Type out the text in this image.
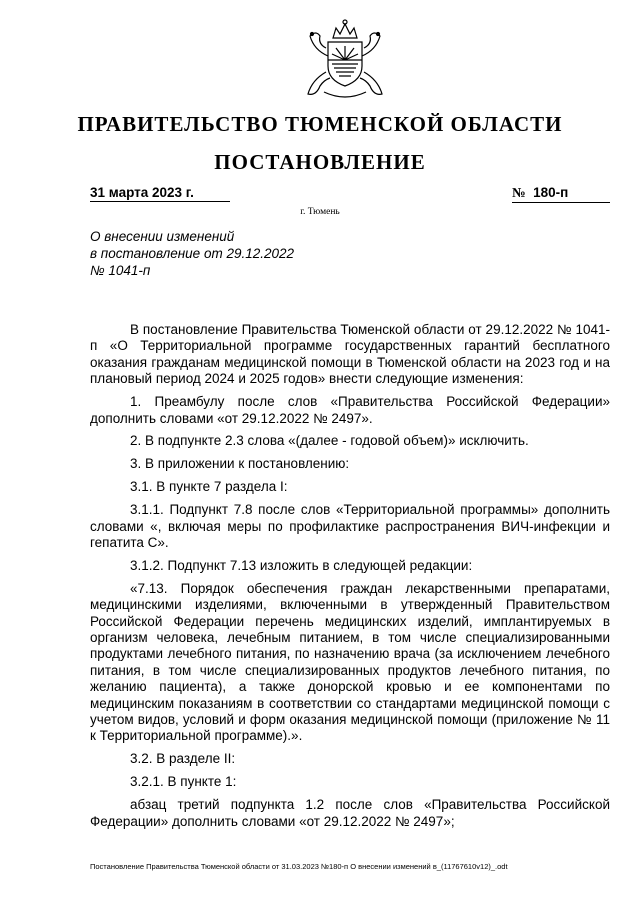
ПРАВИТЕЛЬСТВО ТЮМЕНСКОЙ ОБЛАСТИ
ПОСТАНОВЛЕНИЕ
31 марта 2023 г.	№ 180-п
г. Тюмень
О внесении изменений
в постановление от 29.12.2022
№ 1041-п

В постановление Правительства Тюменской области от 29.12.2022 № 1041-п «О Территориальной программе государственных гарантий бесплатного оказания гражданам медицинской помощи в Тюменской области на 2023 год и на плановый период 2024 и 2025 годов» внести следующие изменения:

1. Преамбулу после слов «Правительства Российской Федерации» дополнить словами «от 29.12.2022 № 2497».

2. В подпункте 2.3 слова «(далее - годовой объем)» исключить.

3. В приложении к постановлению:

3.1. В пункте 7 раздела I:

3.1.1. Подпункт 7.8 после слов «Территориальной программы» дополнить словами «, включая меры по профилактике распространения ВИЧ-инфекции и гепатита С».

3.1.2. Подпункт 7.13 изложить в следующей редакции:

«7.13. Порядок обеспечения граждан лекарственными препаратами, медицинскими изделиями, включенными в утвержденный Правительством Российской Федерации перечень медицинских изделий, имплантируемых в организм человека, лечебным питанием, в том числе специализированными продуктами лечебного питания, по назначению врача (за исключением лечебного питания, в том числе специализированных продуктов лечебного питания, по желанию пациента), а также донорской кровью и ее компонентами по медицинским показаниям в соответствии со стандартами медицинской помощи с учетом видов, условий и форм оказания медицинской помощи (приложение № 11 к Территориальной программе).».

3.2. В разделе II:

3.2.1. В пункте 1:

абзац третий подпункта 1.2 после слов «Правительства Российской Федерации» дополнить словами «от 29.12.2022 № 2497»;

Постановление Правительства Тюменской области от 31.03.2023 №180-п О внесении изменений в_(11767610v12)_.odt
